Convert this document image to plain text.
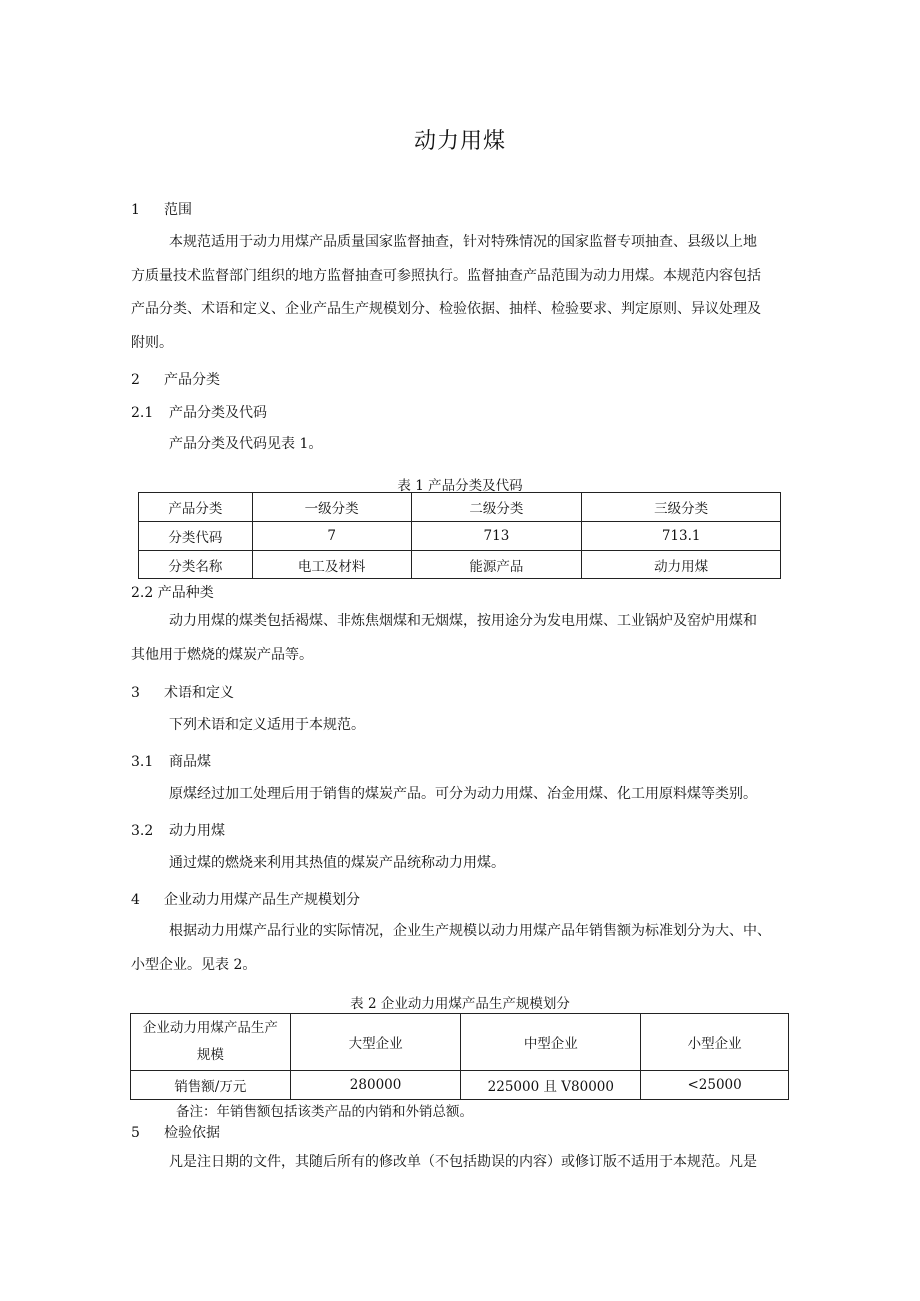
动力用煤
1 范围
本规范适用于动力用煤产品质量国家监督抽查，针对特殊情况的国家监督专项抽查、县级以上地
方质量技术监督部门组织的地方监督抽查可参照执行。监督抽查产品范围为动力用煤。本规范内容包括
产品分类、术语和定义、企业产品生产规模划分、检验依据、抽样、检验要求、判定原则、异议处理及
附则。
2 产品分类
2.1 产品分类及代码
产品分类及代码见表 1。
表 1 产品分类及代码
产品分类	一级分类	二级分类	三级分类
分类代码	7	713	713.1
分类名称	电工及材料	能源产品	动力用煤
2.2 产品种类
动力用煤的煤类包括褐煤、非炼焦烟煤和无烟煤，按用途分为发电用煤、工业锅炉及窑炉用煤和
其他用于燃烧的煤炭产品等。
3 术语和定义
下列术语和定义适用于本规范。
3.1 商品煤
原煤经过加工处理后用于销售的煤炭产品。可分为动力用煤、冶金用煤、化工用原料煤等类别。
3.2 动力用煤
通过煤的燃烧来利用其热值的煤炭产品统称动力用煤。
4 企业动力用煤产品生产规模划分
根据动力用煤产品行业的实际情况，企业生产规模以动力用煤产品年销售额为标准划分为大、中、
小型企业。见表 2。
表 2 企业动力用煤产品生产规模划分
企业动力用煤产品生产
规模	大型企业	中型企业	小型企业
销售额/万元	280000	225000 且 V80000	<25000
备注：年销售额包括该类产品的内销和外销总额。
5 检验依据
凡是注日期的文件，其随后所有的修改单（不包括勘误的内容）或修订版不适用于本规范。凡是
